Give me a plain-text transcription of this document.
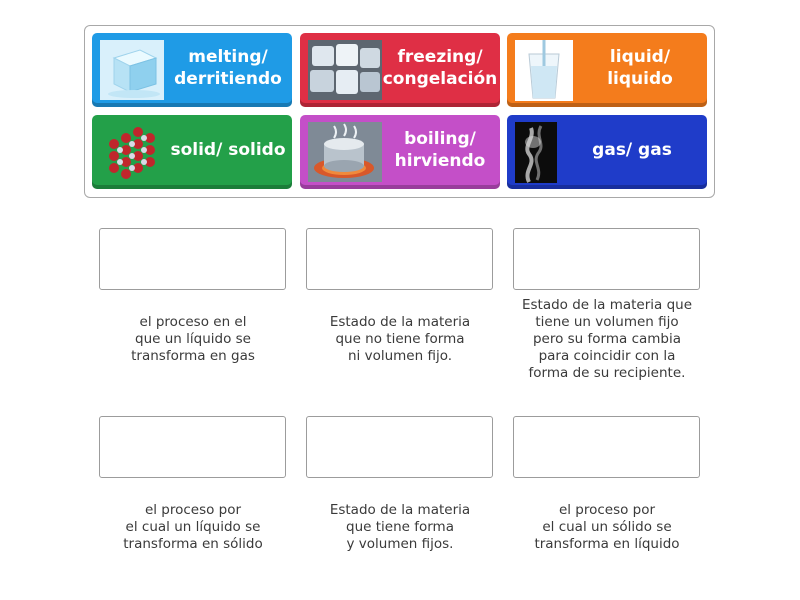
melting/
derritiendo
freezing/
congelación
liquid/
liquido
solid/ solido
boiling/
hirviendo
gas/ gas
el proceso en el
que un líquido se
transforma en gas
Estado de la materia
que no tiene forma
ni volumen fijo.
Estado de la materia que
tiene un volumen fijo
pero su forma cambia
para coincidir con la
forma de su recipiente.
el proceso por
el cual un líquido se
transforma en sólido
Estado de la materia
que tiene forma
y volumen fijos.
el proceso por
el cual un sólido se
transforma en líquido
